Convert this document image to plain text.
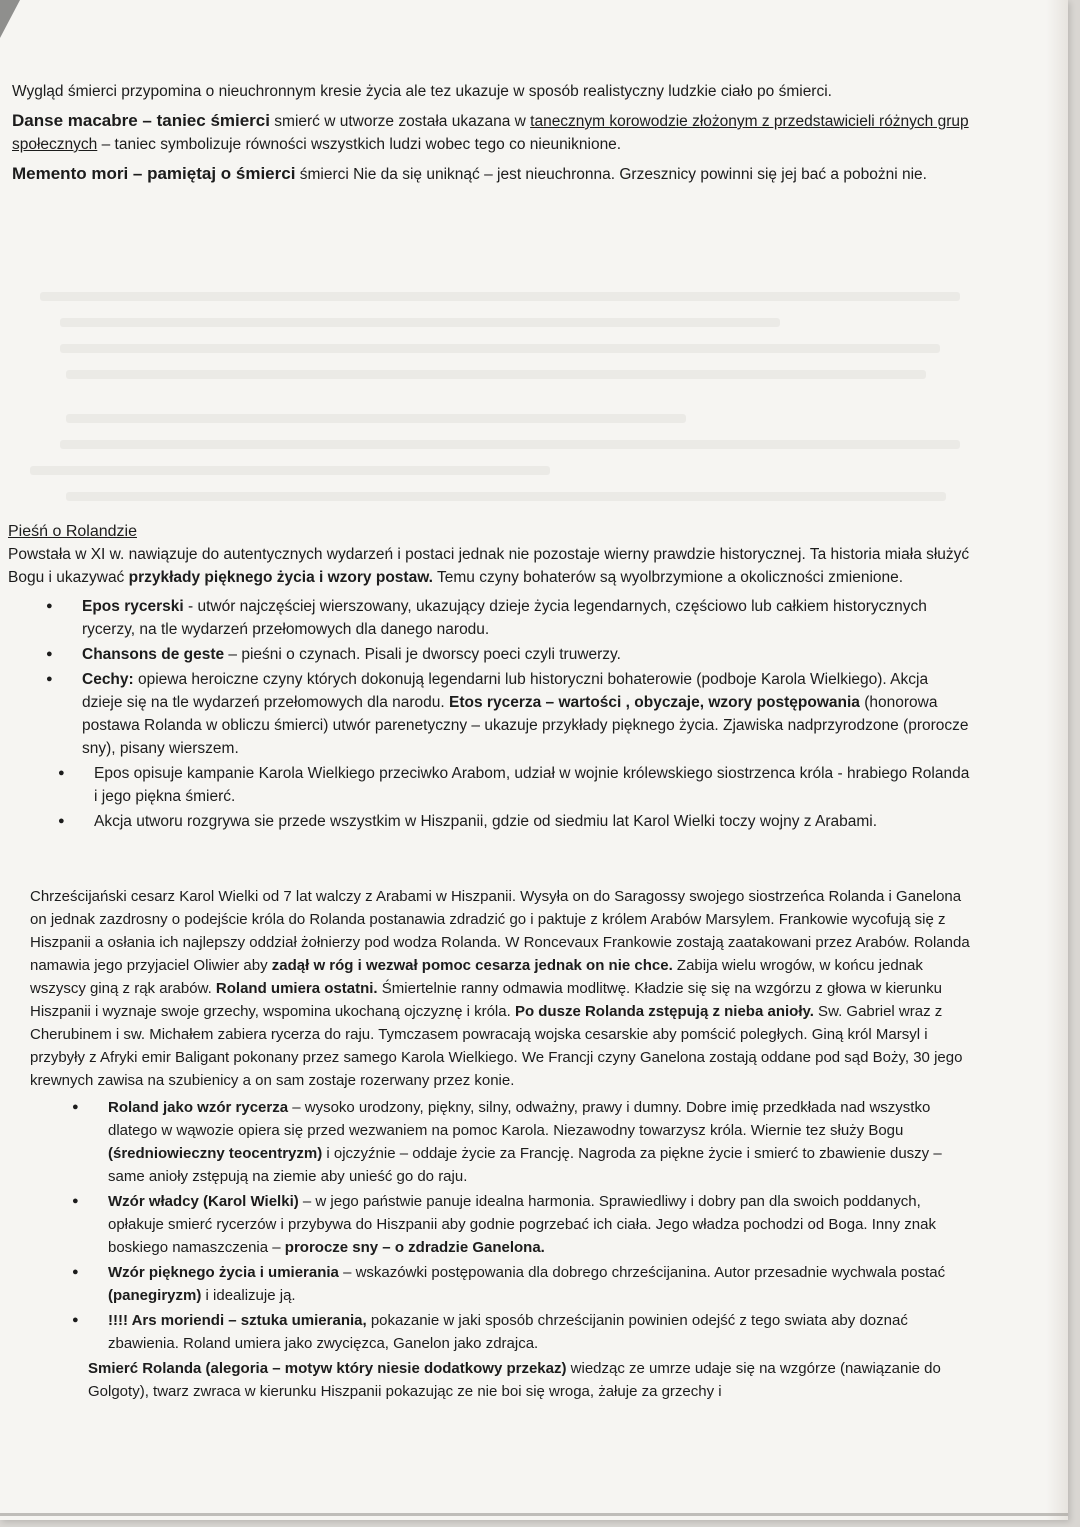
Wygląd śmierci przypomina o nieuchronnym kresie życia ale tez ukazuje w sposób realistyczny ludzkie ciało po śmierci.

Danse macabre – taniec śmierci smierć w utworze została ukazana w tanecznym korowodzie złożonym z przedstawicieli różnych grup społecznych – taniec symbolizuje równości wszystkich ludzi wobec tego co nieuniknione.

Memento mori – pamiętaj o śmierci śmierci Nie da się uniknąć – jest nieuchronna. Grzesznicy powinni się jej bać a pobożni nie.

Pieśń o Rolandzie

Powstała w XI w. nawiązuje do autentycznych wydarzeń i postaci jednak nie pozostaje wierny prawdzie historycznej. Ta historia miała służyć Bogu i ukazywać przykłady pięknego życia i wzory postaw. Temu czyny bohaterów są wyolbrzymione a okoliczności zmienione.

● Epos rycerski - utwór najczęściej wierszowany, ukazujący dzieje życia legendarnych, częściowo lub całkiem historycznych rycerzy, na tle wydarzeń przełomowych dla danego narodu.
● Chansons de geste – pieśni o czynach. Pisali je dworscy poeci czyli truwerzy.
● Cechy: opiewa heroiczne czyny których dokonują legendarni lub historyczni bohaterowie (podboje Karola Wielkiego). Akcja dzieje się na tle wydarzeń przełomowych dla narodu. Etos rycerza – wartości , obyczaje, wzory postępowania (honorowa postawa Rolanda w obliczu śmierci) utwór parenetyczny – ukazuje przykłady pięknego życia. Zjawiska nadprzyrodzone (prorocze sny), pisany wierszem.
● Epos opisuje kampanie Karola Wielkiego przeciwko Arabom, udział w wojnie królewskiego siostrzenca króla - hrabiego Rolanda i jego piękna śmierć.
● Akcja utworu rozgrywa sie przede wszystkim w Hiszpanii, gdzie od siedmiu lat Karol Wielki toczy wojny z Arabami.

Chrześcijański cesarz Karol Wielki od 7 lat walczy z Arabami w Hiszpanii. Wysyła on do Saragossy swojego siostrzeńca Rolanda i Ganelona on jednak zazdrosny o podejście króla do Rolanda postanawia zdradzić go i paktuje z królem Arabów Marsylem. Frankowie wycofują się z Hiszpanii a osłania ich najlepszy oddział żołnierzy pod wodza Rolanda. W Roncevaux Frankowie zostają zaatakowani przez Arabów. Rolanda namawia jego przyjaciel Oliwier aby zadął w róg i wezwał pomoc cesarza jednak on nie chce. Zabija wielu wrogów, w końcu jednak wszyscy giną z rąk arabów. Roland umiera ostatni. Śmiertelnie ranny odmawia modlitwę. Kładzie się się na wzgórzu z głowa w kierunku Hiszpanii i wyznaje swoje grzechy, wspomina ukochaną ojczyznę i króla. Po dusze Rolanda zstępują z nieba anioły. Sw. Gabriel wraz z Cherubinem i sw. Michałem zabiera rycerza do raju. Tymczasem powracają wojska cesarskie aby pomścić poległych. Giną król Marsyl i przybyły z Afryki emir Baligant pokonany przez samego Karola Wielkiego. We Francji czyny Ganelona zostają oddane pod sąd Boży, 30 jego krewnych zawisa na szubienicy a on sam zostaje rozerwany przez konie.

● Roland jako wzór rycerza – wysoko urodzony, piękny, silny, odważny, prawy i dumny. Dobre imię przedkłada nad wszystko dlatego w wąwozie opiera się przed wezwaniem na pomoc Karola. Niezawodny towarzysz króla. Wiernie tez służy Bogu (średniowieczny teocentryzm) i ojczyźnie – oddaje życie za Francję. Nagroda za piękne życie i smierć to zbawienie duszy – same anioły zstępują na ziemie aby unieść go do raju.
● Wzór władcy (Karol Wielki) – w jego państwie panuje idealna harmonia. Sprawiedliwy i dobry pan dla swoich poddanych, opłakuje smierć rycerzów i przybywa do Hiszpanii aby godnie pogrzebać ich ciała. Jego władza pochodzi od Boga. Inny znak boskiego namaszczenia – prorocze sny – o zdradzie Ganelona.
● Wzór pięknego życia i umierania – wskazówki postępowania dla dobrego chrześcijanina. Autor przesadnie wychwala postać (panegiryzm) i idealizuje ją.
● !!!! Ars moriendi – sztuka umierania, pokazanie w jaki sposób chrześcijanin powinien odejść z tego swiata aby doznać zbawienia. Roland umiera jako zwycięzca, Ganelon jako zdrajca.

Smierć Rolanda (alegoria – motyw który niesie dodatkowy przekaz) wiedząc ze umrze udaje się na wzgórze (nawiązanie do Golgoty), twarz zwraca w kierunku Hiszpanii pokazując ze nie boi się wroga, żałuje za grzechy i
